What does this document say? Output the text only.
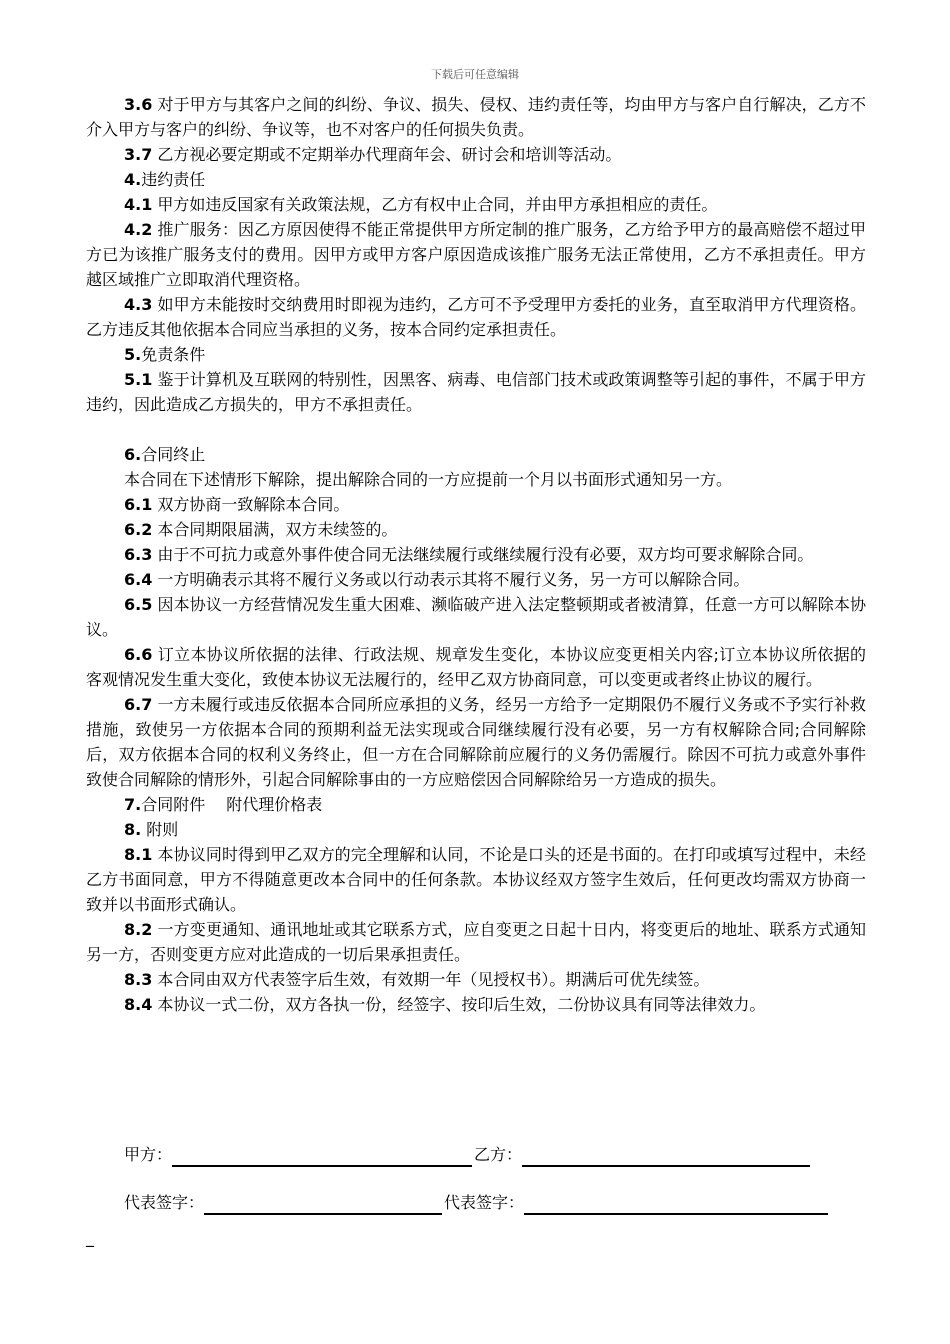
下载后可任意编辑

3.6 对于甲方与其客户之间的纠纷、争议、损失、侵权、违约责任等，均由甲方与客户自行解决，乙方不介入甲方与客户的纠纷、争议等，也不对客户的任何损失负责。

3.7 乙方视必要定期或不定期举办代理商年会、研讨会和培训等活动。

4.违约责任

4.1 甲方如违反国家有关政策法规，乙方有权中止合同，并由甲方承担相应的责任。

4.2 推广服务：因乙方原因使得不能正常提供甲方所定制的推广服务，乙方给予甲方的最高赔偿不超过甲方已为该推广服务支付的费用。因甲方或甲方客户原因造成该推广服务无法正常使用，乙方不承担责任。甲方越区域推广立即取消代理资格。

4.3 如甲方未能按时交纳费用时即视为违约，乙方可不予受理甲方委托的业务，直至取消甲方代理资格。乙方违反其他依据本合同应当承担的义务，按本合同约定承担责任。

5.免责条件

5.1 鉴于计算机及互联网的特别性，因黑客、病毒、电信部门技术或政策调整等引起的事件，不属于甲方违约，因此造成乙方损失的，甲方不承担责任。

6.合同终止

本合同在下述情形下解除，提出解除合同的一方应提前一个月以书面形式通知另一方。

6.1 双方协商一致解除本合同。

6.2 本合同期限届满，双方未续签的。

6.3 由于不可抗力或意外事件使合同无法继续履行或继续履行没有必要，双方均可要求解除合同。

6.4 一方明确表示其将不履行义务或以行动表示其将不履行义务，另一方可以解除合同。

6.5 因本协议一方经营情况发生重大困难、濒临破产进入法定整顿期或者被清算，任意一方可以解除本协议。

6.6 订立本协议所依据的法律、行政法规、规章发生变化，本协议应变更相关内容;订立本协议所依据的客观情况发生重大变化，致使本协议无法履行的，经甲乙双方协商同意，可以变更或者终止协议的履行。

6.7 一方未履行或违反依据本合同所应承担的义务，经另一方给予一定期限仍不履行义务或不予实行补救措施，致使另一方依据本合同的预期利益无法实现或合同继续履行没有必要，另一方有权解除合同;合同解除后，双方依据本合同的权利义务终止，但一方在合同解除前应履行的义务仍需履行。除因不可抗力或意外事件致使合同解除的情形外，引起合同解除事由的一方应赔偿因合同解除给另一方造成的损失。

7.合同附件　 附代理价格表

8. 附则

8.1 本协议同时得到甲乙双方的完全理解和认同，不论是口头的还是书面的。在打印或填写过程中，未经乙方书面同意，甲方不得随意更改本合同中的任何条款。本协议经双方签字生效后，任何更改均需双方协商一致并以书面形式确认。

8.2 一方变更通知、通讯地址或其它联系方式，应自变更之日起十日内，将变更后的地址、联系方式通知另一方，否则变更方应对此造成的一切后果承担责任。

8.3 本合同由双方代表签字后生效，有效期一年（见授权书）。期满后可优先续签。

8.4 本协议一式二份，双方各执一份，经签字、按印后生效，二份协议具有同等法律效力。

甲方：	乙方：
代表签字：	代表签字：
_
